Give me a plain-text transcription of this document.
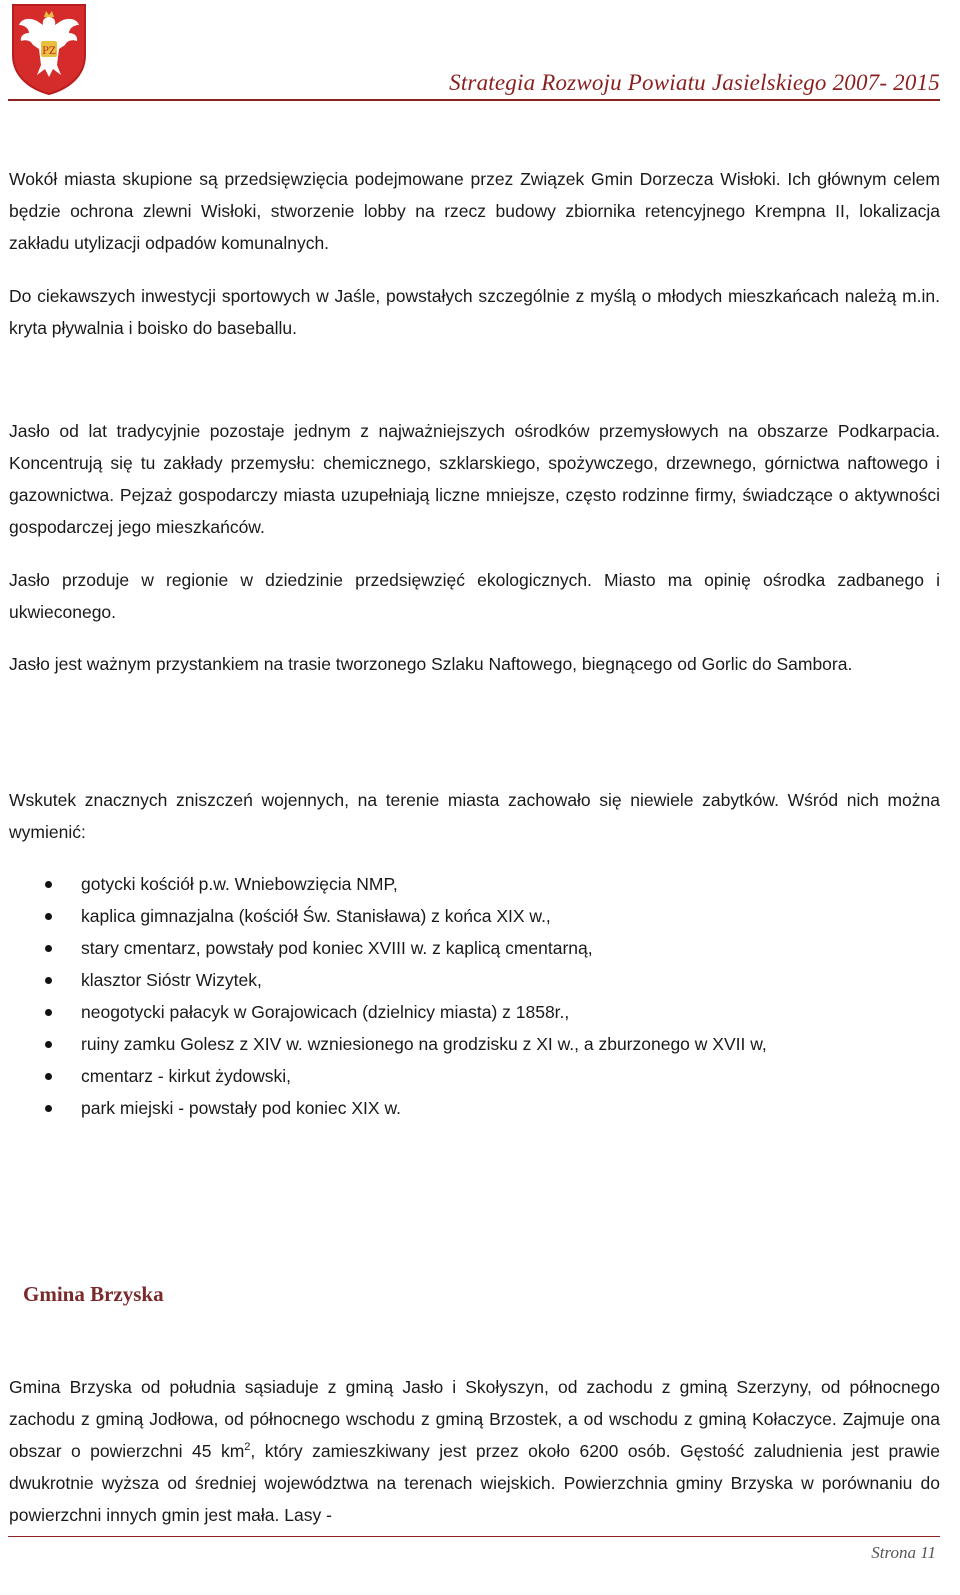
PZ
Strategia Rozwoju Powiatu Jasielskiego 2007- 2015

Wokół miasta skupione są przedsięwzięcia podejmowane przez Związek Gmin Dorzecza Wisłoki. Ich głównym celem będzie ochrona zlewni Wisłoki, stworzenie lobby na rzecz budowy zbiornika retencyjnego Krempna II, lokalizacja zakładu utylizacji odpadów komunalnych.

Do ciekawszych inwestycji sportowych w Jaśle, powstałych szczególnie z myślą o młodych mieszkańcach należą m.in. kryta pływalnia i boisko do baseballu.

Jasło od lat tradycyjnie pozostaje jednym z najważniejszych ośrodków przemysłowych na obszarze Podkarpacia. Koncentrują się tu zakłady przemysłu: chemicznego, szklarskiego, spożywczego, drzewnego, górnictwa naftowego i gazownictwa. Pejzaż gospodarczy miasta uzupełniają liczne mniejsze, często rodzinne firmy, świadczące o aktywności gospodarczej jego mieszkańców.

Jasło przoduje w regionie w dziedzinie przedsięwzięć ekologicznych. Miasto ma opinię ośrodka zadbanego i ukwieconego.

Jasło jest ważnym przystankiem na trasie tworzonego Szlaku Naftowego, biegnącego od Gorlic do Sambora.

Wskutek znacznych zniszczeń wojennych, na terenie miasta zachowało się niewiele zabytków. Wśród nich można wymienić:

gotycki kościół p.w. Wniebowzięcia NMP,
kaplica gimnazjalna (kościół Św. Stanisława) z końca XIX w.,
stary cmentarz, powstały pod koniec XVIII w. z kaplicą cmentarną,
klasztor Sióstr Wizytek,
neogotycki pałacyk w Gorajowicach (dzielnicy miasta) z 1858r.,
ruiny zamku Golesz z XIV w. wzniesionego na grodzisku z XI w., a zburzonego w XVII w,
cmentarz - kirkut żydowski,
park miejski - powstały pod koniec XIX w.
Gmina Brzyska

Gmina Brzyska od południa sąsiaduje z gminą Jasło i Skołyszyn, od zachodu z gminą Szerzyny, od północnego zachodu z gminą Jodłowa, od północnego wschodu z gminą Brzostek, a od wschodu z gminą Kołaczyce. Zajmuje ona obszar o powierzchni 45 $km^2$, który zamieszkiwany jest przez około 6200 osób. Gęstość zaludnienia jest prawie dwukrotnie wyższa od średniej województwa na terenach wiejskich. Powierzchnia gminy Brzyska w porównaniu do powierzchni innych gmin jest mała. Lasy -

Strona 11
